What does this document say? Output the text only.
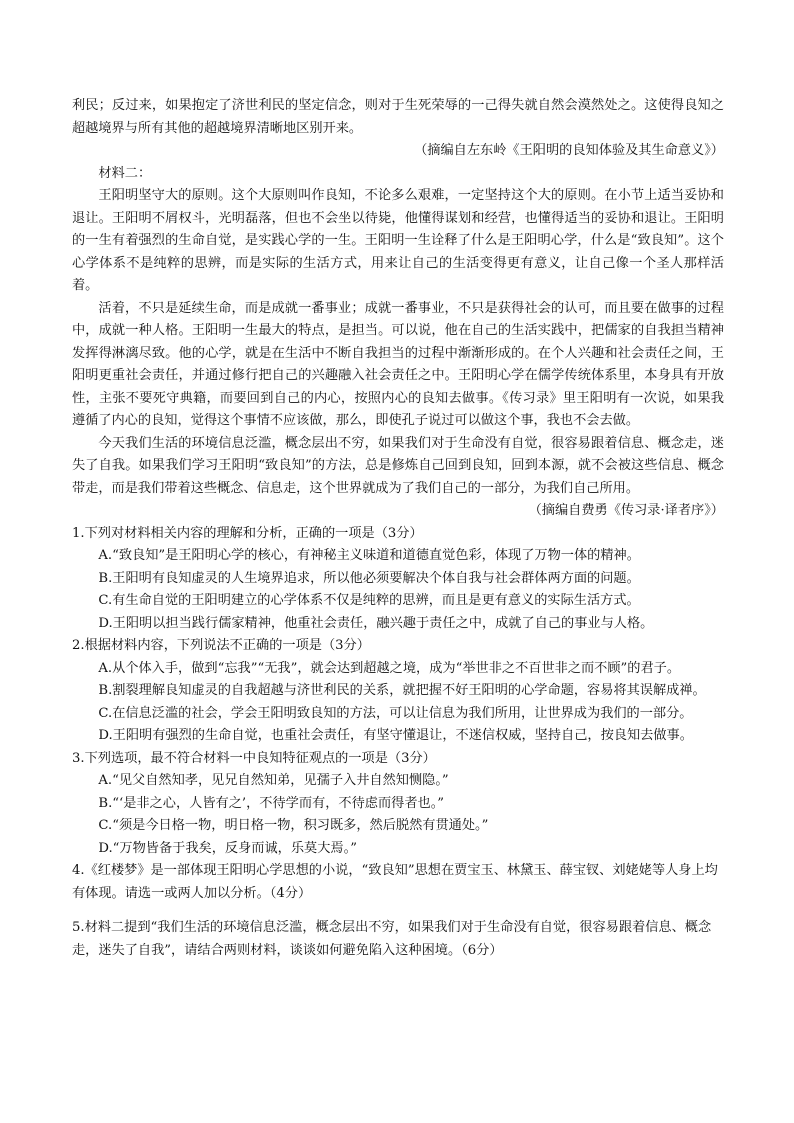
利民；反过来，如果抱定了济世利民的坚定信念，则对于生死荣辱的一己得失就自然会漠然处之。这使得良知之超越境界与所有其他的超越境界清晰地区别开来。

（摘编自左东岭《王阳明的良知体验及其生命意义》）

材料二：

王阳明坚守大的原则。这个大原则叫作良知，不论多么艰难，一定坚持这个大的原则。在小节上适当妥协和退让。王阳明不屑权斗，光明磊落，但也不会坐以待毙，他懂得谋划和经营，也懂得适当的妥协和退让。王阳明的一生有着强烈的生命自觉，是实践心学的一生。王阳明一生诠释了什么是王阳明心学，什么是“致良知”。这个心学体系不是纯粹的思辨，而是实际的生活方式，用来让自己的生活变得更有意义，让自己像一个圣人那样活着。

活着，不只是延续生命，而是成就一番事业；成就一番事业，不只是获得社会的认可，而且要在做事的过程中，成就一种人格。王阳明一生最大的特点，是担当。可以说，他在自己的生活实践中，把儒家的自我担当精神发挥得淋漓尽致。他的心学，就是在生活中不断自我担当的过程中渐渐形成的。在个人兴趣和社会责任之间，王阳明更重社会责任，并通过修行把自己的兴趣融入社会责任之中。王阳明心学在儒学传统体系里，本身具有开放性，主张不要死守典籍，而要回到自己的内心，按照内心的良知去做事。《传习录》里王阳明有一次说，如果我遵循了内心的良知，觉得这个事情不应该做，那么，即使孔子说过可以做这个事，我也不会去做。

今天我们生活的环境信息泛滥，概念层出不穷，如果我们对于生命没有自觉，很容易跟着信息、概念走，迷失了自我。如果我们学习王阳明“致良知”的方法，总是修炼自己回到良知，回到本源，就不会被这些信息、概念带走，而是我们带着这些概念、信息走，这个世界就成为了我们自己的一部分，为我们自己所用。

（摘编自费勇《传习录·译者序》）

1.下列对材料相关内容的理解和分析，正确的一项是（3分）

A.“致良知”是王阳明心学的核心，有神秘主义味道和道德直觉色彩，体现了万物一体的精神。

B.王阳明有良知虚灵的人生境界追求，所以他必须要解决个体自我与社会群体两方面的问题。

C.有生命自觉的王阳明建立的心学体系不仅是纯粹的思辨，而且是更有意义的实际生活方式。

D.王阳明以担当践行儒家精神，他重社会责任，融兴趣于责任之中，成就了自己的事业与人格。

2.根据材料内容，下列说法不正确的一项是（3分）

A.从个体入手，做到“忘我”“无我”，就会达到超越之境，成为“举世非之不百世非之而不顾”的君子。

B.割裂理解良知虚灵的自我超越与济世利民的关系，就把握不好王阳明的心学命题，容易将其误解成禅。

C.在信息泛滥的社会，学会王阳明致良知的方法，可以让信息为我们所用，让世界成为我们的一部分。

D.王阳明有强烈的生命自觉，也重社会责任，有坚守懂退让，不迷信权威，坚持自己，按良知去做事。

3.下列选项，最不符合材料一中良知特征观点的一项是（3分）

A.“见父自然知孝，见兄自然知弟，见孺子入井自然知恻隐。”

B.“‘是非之心，人皆有之’，不待学而有，不待虑而得者也。”

C.“须是今日格一物，明日格一物，积习既多，然后脱然有贯通处。”

D.“万物皆备于我矣，反身而诚，乐莫大焉。”

4.《红楼梦》是一部体现王阳明心学思想的小说，“致良知”思想在贾宝玉、林黛玉、薛宝钗、刘姥姥等人身上均有体现。请选一或两人加以分析。（4分）

5.材料二提到“我们生活的环境信息泛滥，概念层出不穷，如果我们对于生命没有自觉，很容易跟着信息、概念走，迷失了自我”，请结合两则材料，谈谈如何避免陷入这种困境。（6分）
